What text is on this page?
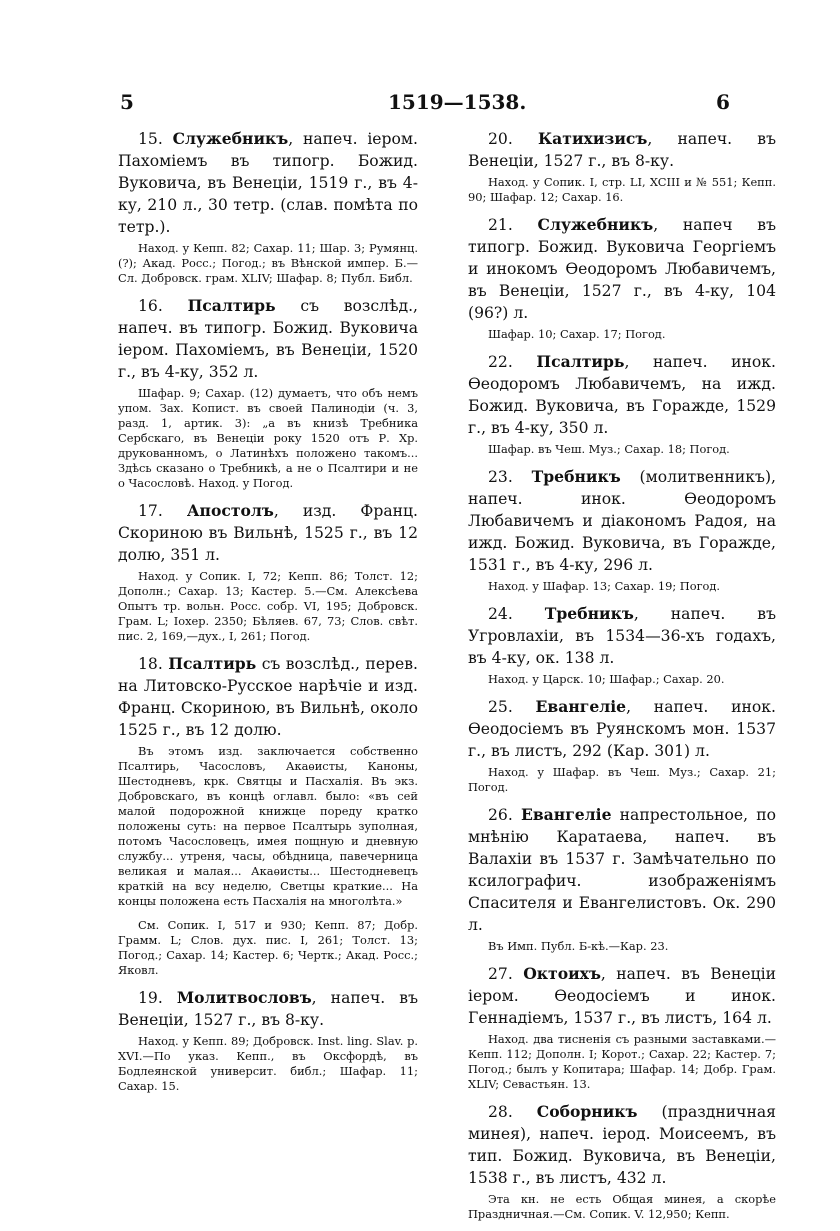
5	1519—1538.	6

15. Служебникъ, напеч. іером. Пахоміемъ въ типогр. Божид. Вуковича, въ Венеціи, 1519 г., въ 4-ку, 210 л., 30 тетр. (слав. помѣта по тетр.).

Наход. у Кепп. 82; Сахар. 11; Шар. 3; Румянц. (?); Акад. Росс.; Погод.; въ Вѣнской импер. Б.—Сл. Добровск. грам. XLIV; Шафар. 8; Публ. Библ.

16. Псалтирь съ возслѣд., напеч. въ типогр. Божид. Вуковича іером. Пахоміемъ, въ Венеціи, 1520 г., въ 4-ку, 352 л.

Шафар. 9; Сахар. (12) думаетъ, что объ немъ упом. Зах. Копист. въ своей Палинодіи (ч. 3, разд. 1, артик. 3): „а въ книзѣ Требника Сербскаго, въ Венеціи року 1520 отъ Р. Хр. друкованномъ, о Латинѣхъ положено такомъ... Здѣсь сказано о Требникѣ, а не о Псалтири и не о Часословѣ. Наход. у Погод.

17. Апостолъ, изд. Франц. Скориною въ Вильнѣ, 1525 г., въ 12 долю, 351 л.

Наход. у Сопик. I, 72; Кепп. 86; Толст. 12; Дополн.; Сахар. 13; Кастер. 5.—См. Алексѣева Опытъ тр. вольн. Росс. собр. VI, 195; Добровск. Грам. L; Іохер. 2350; Бѣляев. 67, 73; Слов. свѣт. пис. 2, 169,—дух., I, 261; Погод.

18. Псалтирь съ возслѣд., перев. на Литовско-Русское нарѣчіе и изд. Франц. Скориною, въ Вильнѣ, около 1525 г., въ 12 долю.

Въ этомъ изд. заключается собственно Псалтирь, Часословъ, Акаѳисты, Каноны, Шестодневъ, крк. Святцы и Пасхалія. Въ экз. Добровскаго, въ концѣ оглавл. было: «въ сей малой подорожной книжце пореду кратко положены суть: на первое Псалтырь зуполная, потомъ Часословецъ, имея пощную и дневную службу... утреня, часы, обѣдница, павечерница великая и малая... Акаѳисты... Шестодневецъ краткій на всу неделю, Светцы краткие... На концы положена есть Пасхалія на многолѣта.»

См. Сопик. I, 517 и 930; Кепп. 87; Добр. Грамм. L; Слов. дух. пис. I, 261; Толст. 13; Погод.; Сахар. 14; Кастер. 6; Чертк.; Акад. Росс.; Яковл.

19. Молитвословъ, напеч. въ Венеціи, 1527 г., въ 8-ку.

Наход. у Кепп. 89; Добровск. Inst. ling. Slav. p. XVI.—По указ. Кепп., въ Оксфордѣ, въ Бодлеянской университ. библ.; Шафар. 11; Сахар. 15.

20. Катихизисъ, напеч. въ Венеціи, 1527 г., въ 8-ку.

Наход. у Сопик. I, стр. LI, XCIII и № 551; Кепп. 90; Шафар. 12; Сахар. 16.

21. Служебникъ, напеч въ типогр. Божид. Вуковича Георгіемъ и инокомъ Ѳеодоромъ Любавичемъ, въ Венеціи, 1527 г., въ 4-ку, 104 (96?) л.

Шафар. 10; Сахар. 17; Погод.

22. Псалтирь, напеч. инок. Ѳеодоромъ Любавичемъ, на ижд. Божид. Вуковича, въ Горажде, 1529 г., въ 4-ку, 350 л.

Шафар. въ Чеш. Муз.; Сахар. 18; Погод.

23. Требникъ (молитвенникъ), напеч. инок. Ѳеодоромъ Любавичемъ и діакономъ Радоя, на ижд. Божид. Вуковича, въ Горажде, 1531 г., въ 4-ку, 296 л.

Наход. у Шафар. 13; Сахар. 19; Погод.

24. Требникъ, напеч. въ Угровлахіи, въ 1534—36-хъ годахъ, въ 4-ку, ок. 138 л.

Наход. у Царск. 10; Шафар.; Сахар. 20.

25. Евангеліе, напеч. инок. Ѳеодосіемъ въ Руянскомъ мон. 1537 г., въ листъ, 292 (Кар. 301) л.

Наход. у Шафар. въ Чеш. Муз.; Сахар. 21; Погод.

26. Евангеліе напрестольное, по мнѣнію Каратаева, напеч. въ Валахіи въ 1537 г. Замѣчательно по ксилографич. изображеніямъ Спасителя и Евангелистовъ. Ок. 290 л.

Въ Имп. Публ. Б-кѣ.—Кар. 23.

27. Октоихъ, напеч. въ Венеціи іером. Ѳеодосіемъ и инок. Геннадіемъ, 1537 г., въ листъ, 164 л.

Наход. два тисненія съ разными заставками.—Кепп. 112; Дополн. I; Корот.; Сахар. 22; Кастер. 7; Погод.; былъ у Копитара; Шафар. 14; Добр. Грам. XLIV; Севастьян. 13.

28. Соборникъ (праздничная минея), напеч. іерод. Моисеемъ, въ тип. Божид. Вуковича, въ Венеціи, 1538 г., въ листъ, 432 л.

Эта кн. не есть Общая минея, а скорѣе Праздничная.—См. Сопик. V. 12,950; Кепп.
